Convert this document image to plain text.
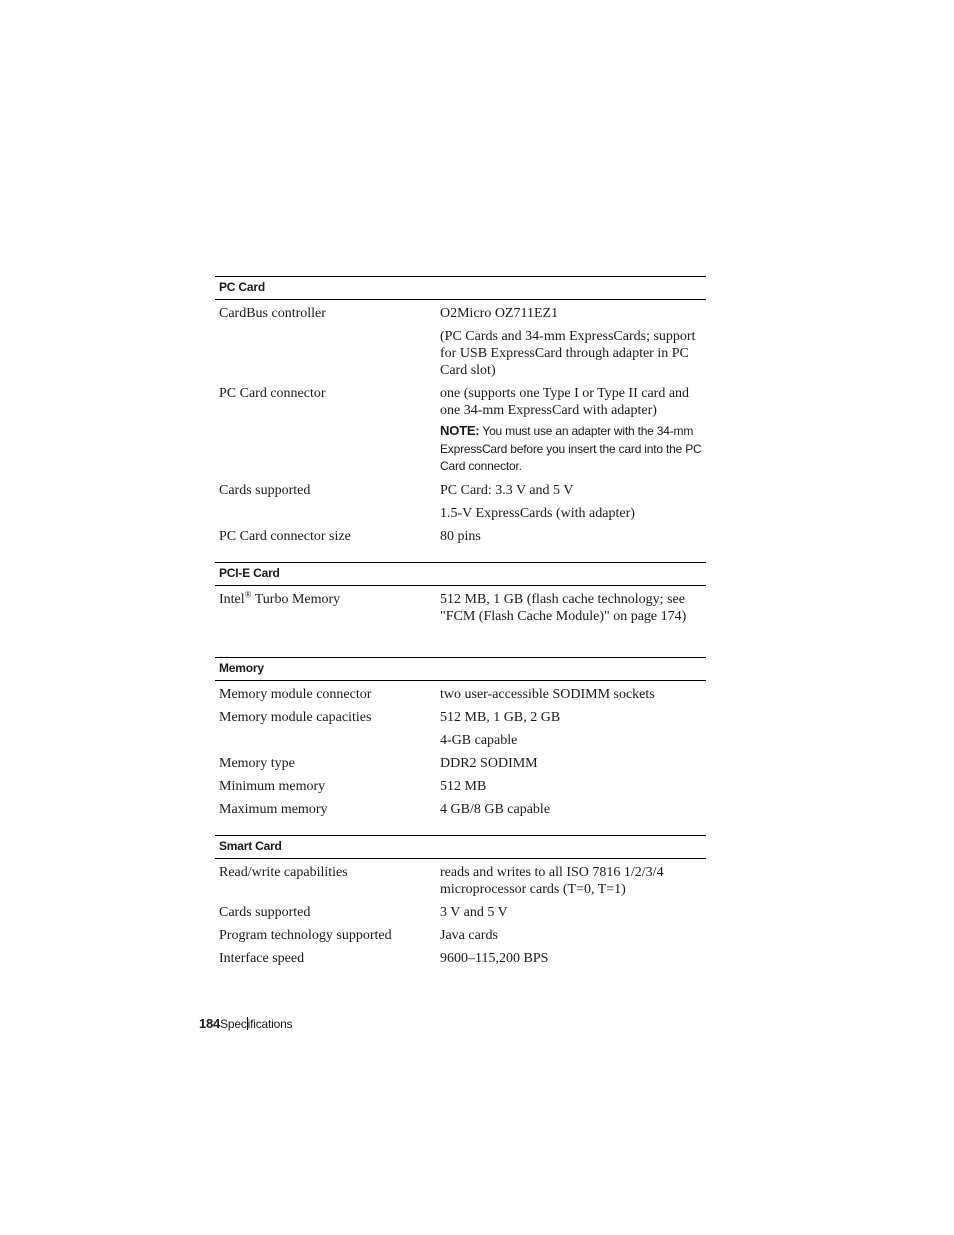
PC Card
CardBus controller	O2Micro OZ711EZ1
(PC Cards and 34-mm ExpressCards; support for USB ExpressCard through adapter in PC Card slot)
PC Card connector	one (supports one Type I or Type II card and one 34-mm ExpressCard with adapter)
NOTE: You must use an adapter with the 34-mm ExpressCard before you insert the card into the PC Card connector.
Cards supported	PC Card: 3.3 V and 5 V
1.5-V ExpressCards (with adapter)
PC Card connector size	80 pins
PCI-E Card
Intel® Turbo Memory	512 MB, 1 GB (flash cache technology; see "FCM (Flash Cache Module)" on page 174)
Memory
Memory module connector	two user-accessible SODIMM sockets
Memory module capacities	512 MB, 1 GB, 2 GB
4-GB capable
Memory type	DDR2 SODIMM
Minimum memory	512 MB
Maximum memory	4 GB/8 GB capable
Smart Card
Read/write capabilities	reads and writes to all ISO 7816 1/2/3/4 microprocessor cards (T=0, T=1)
Cards supported	3 V and 5 V
Program technology supported	Java cards
Interface speed	9600–115,200 BPS
184Specifications
